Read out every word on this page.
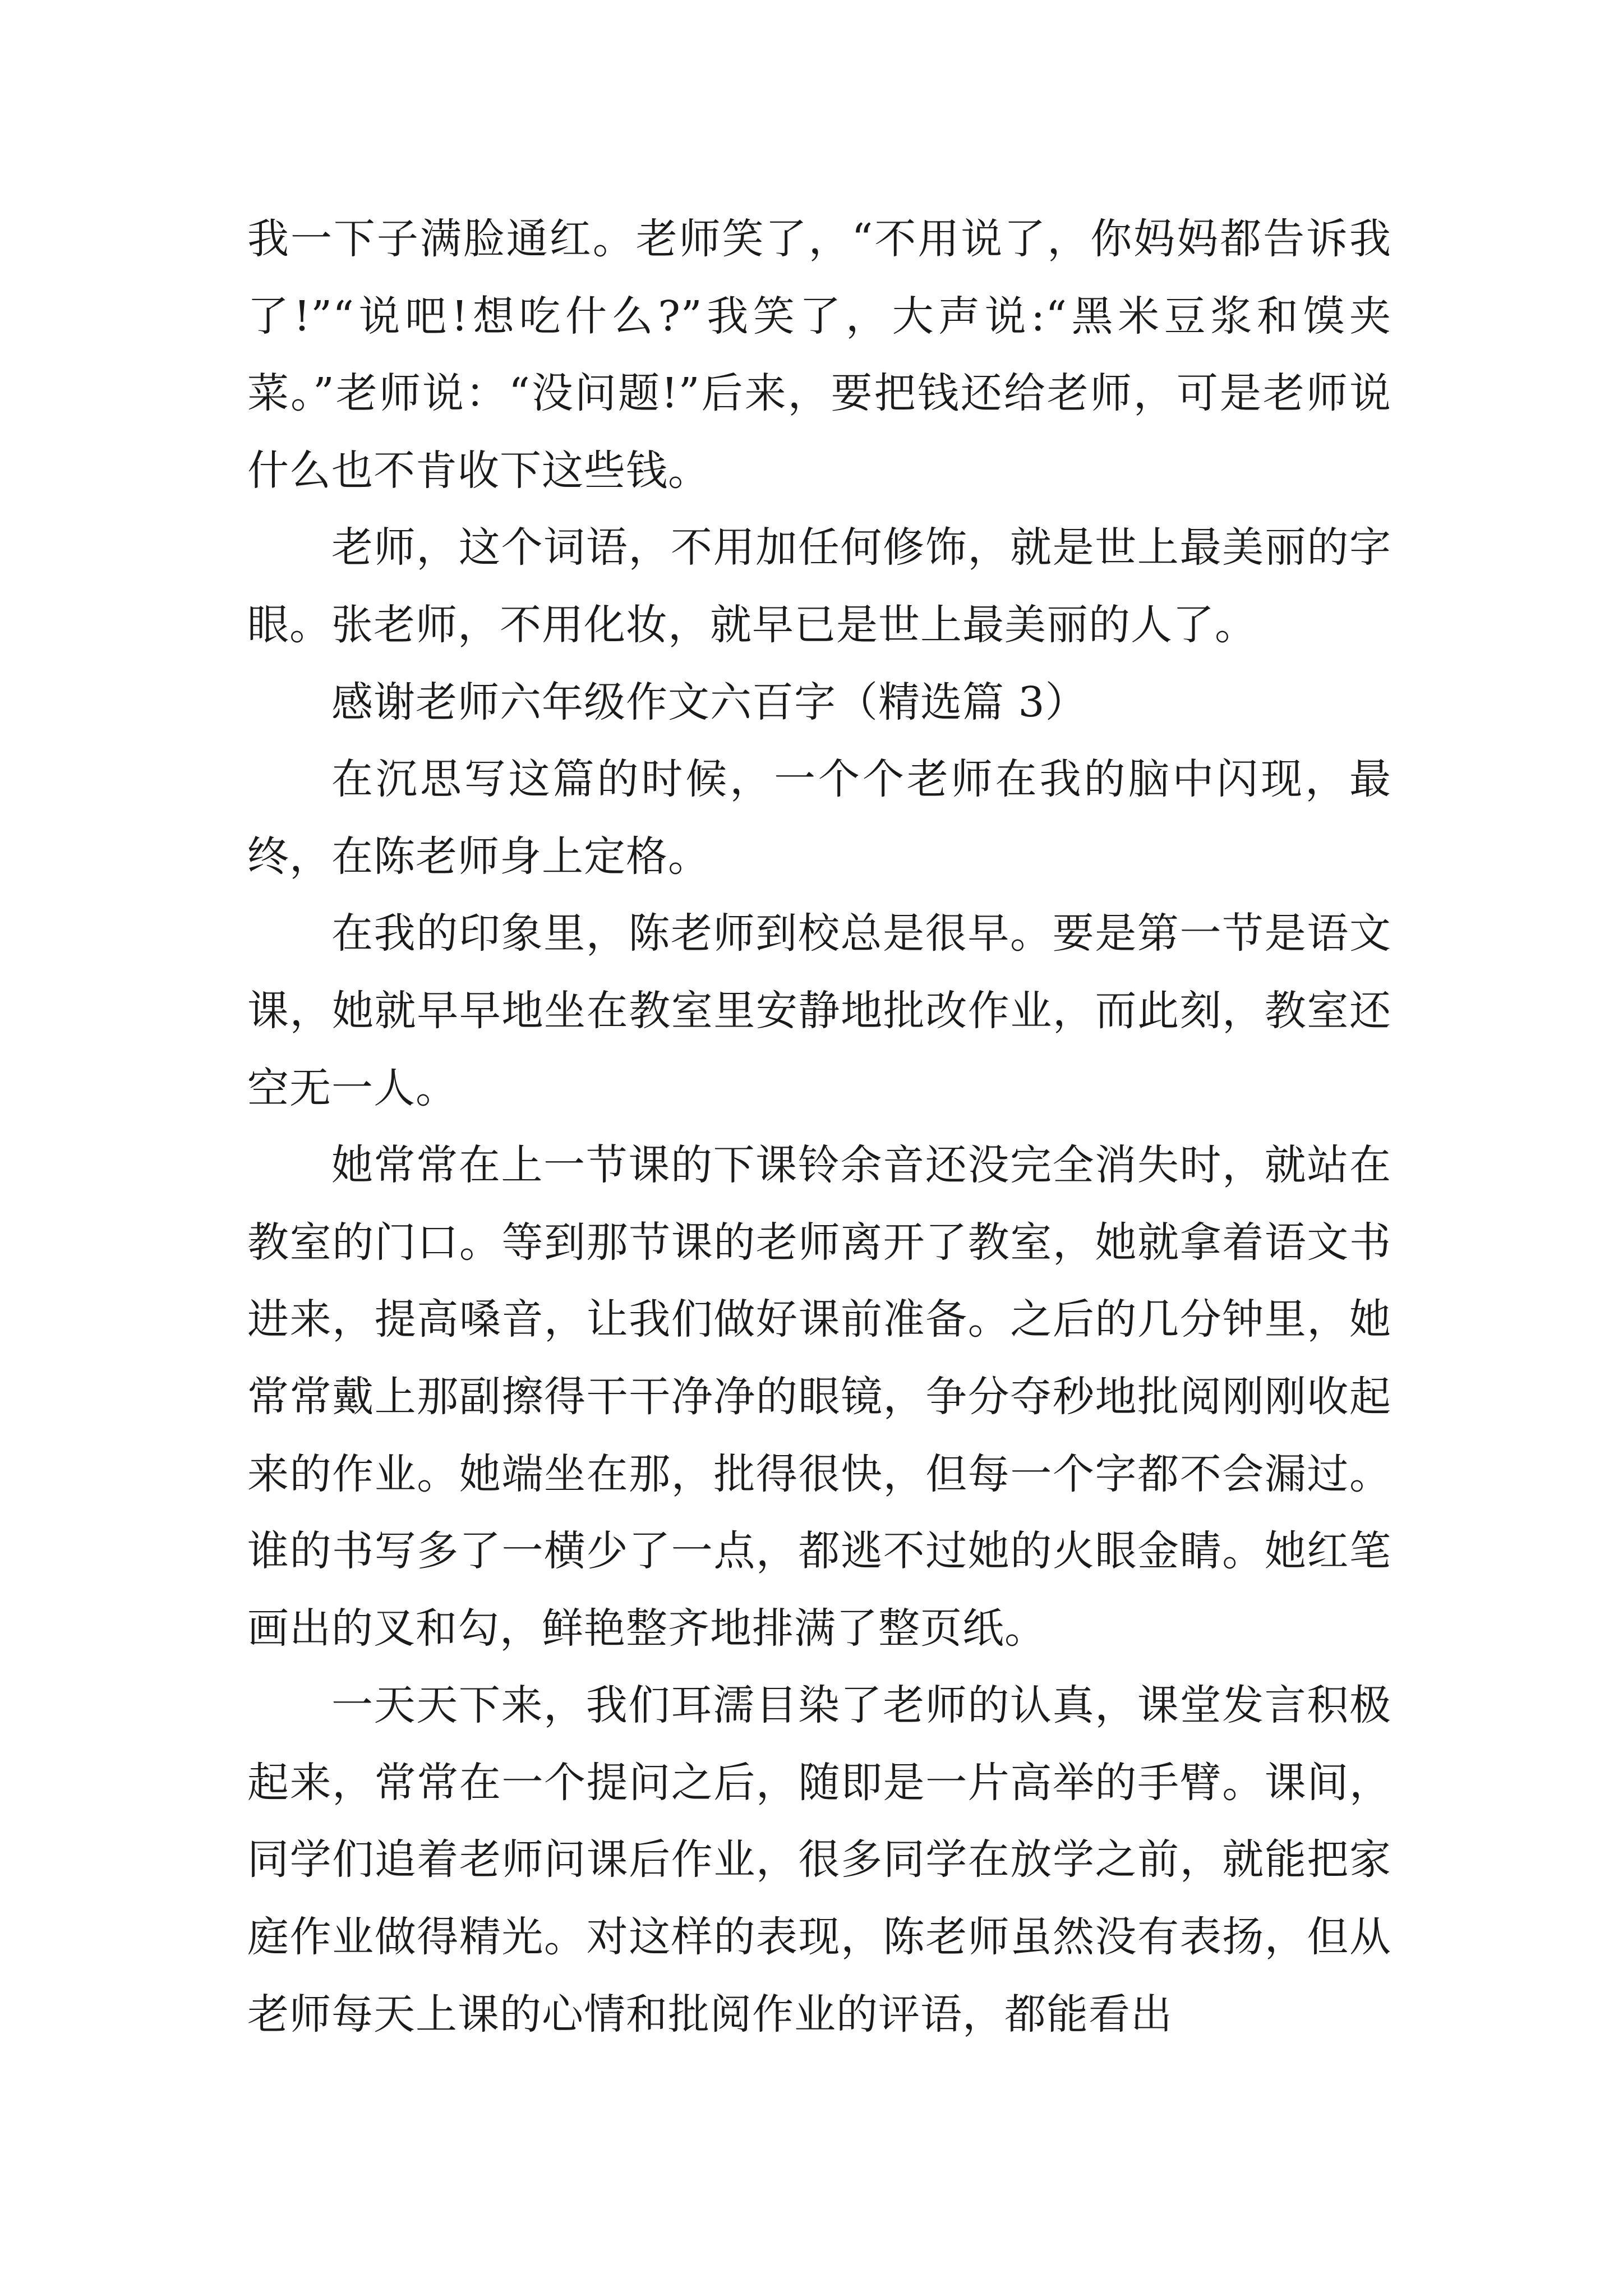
我一下子满脸通红。老师笑了，“不用说了，你妈妈都告诉我了!”“说吧!想吃什么?”我笑了，大声说:“黑米豆浆和馍夹菜。”老师说：“没问题!”后来，要把钱还给老师，可是老师说什么也不肯收下这些钱。

老师，这个词语，不用加任何修饰，就是世上最美丽的字眼。张老师，不用化妆，就早已是世上最美丽的人了。

感谢老师六年级作文六百字（精选篇 3）

在沉思写这篇的时候，一个个老师在我的脑中闪现，最终，在陈老师身上定格。

在我的印象里，陈老师到校总是很早。要是第一节是语文课，她就早早地坐在教室里安静地批改作业，而此刻，教室还空无一人。

她常常在上一节课的下课铃余音还没完全消失时，就站在教室的门口。等到那节课的老师离开了教室，她就拿着语文书进来，提高嗓音，让我们做好课前准备。之后的几分钟里，她常常戴上那副擦得干干净净的眼镜，争分夺秒地批阅刚刚收起来的作业。她端坐在那，批得很快，但每一个字都不会漏过。谁的书写多了一横少了一点，都逃不过她的火眼金睛。她红笔画出的叉和勾，鲜艳整齐地排满了整页纸。

一天天下来，我们耳濡目染了老师的认真，课堂发言积极起来，常常在一个提问之后，随即是一片高举的手臂。课间，同学们追着老师问课后作业，很多同学在放学之前，就能把家庭作业做得精光。对这样的表现，陈老师虽然没有表扬，但从老师每天上课的心情和批阅作业的评语，都能看出
